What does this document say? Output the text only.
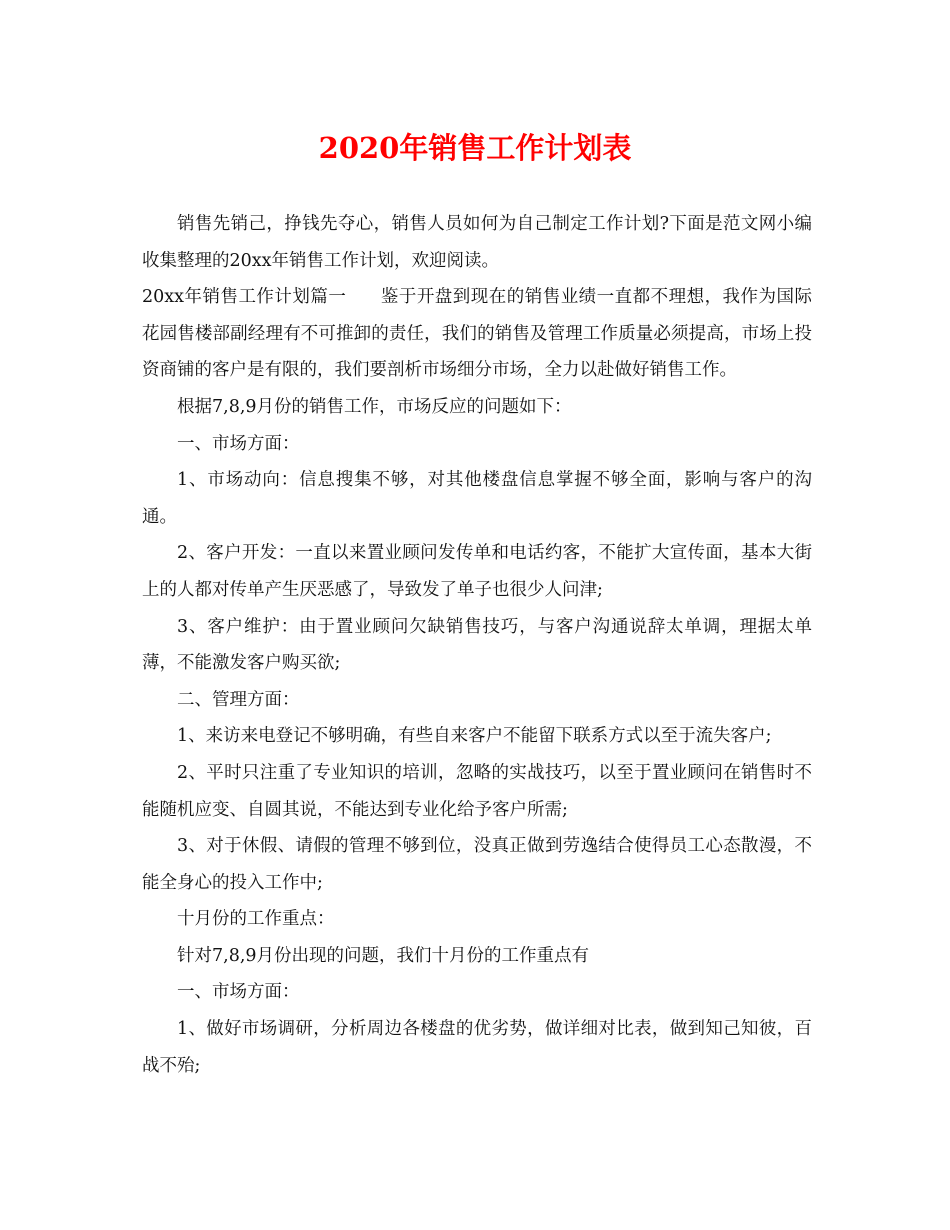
2020年销售工作计划表

销售先销己，挣钱先夺心，销售人员如何为自己制定工作计划?下面是范文网小编收集整理的20xx年销售工作计划，欢迎阅读。

20xx年销售工作计划篇一 鉴于开盘到现在的销售业绩一直都不理想，我作为国际花园售楼部副经理有不可推卸的责任，我们的销售及管理工作质量必须提高，市场上投资商铺的客户是有限的，我们要剖析市场细分市场，全力以赴做好销售工作。

根据7,8,9月份的销售工作，市场反应的问题如下：

一、市场方面：

1、市场动向：信息搜集不够，对其他楼盘信息掌握不够全面，影响与客户的沟通。

2、客户开发：一直以来置业顾问发传单和电话约客，不能扩大宣传面，基本大街上的人都对传单产生厌恶感了，导致发了单子也很少人问津;

3、客户维护：由于置业顾问欠缺销售技巧，与客户沟通说辞太单调，理据太单薄，不能激发客户购买欲;

二、管理方面：

1、来访来电登记不够明确，有些自来客户不能留下联系方式以至于流失客户;

2、平时只注重了专业知识的培训，忽略的实战技巧，以至于置业顾问在销售时不能随机应变、自圆其说，不能达到专业化给予客户所需;

3、对于休假、请假的管理不够到位，没真正做到劳逸结合使得员工心态散漫，不能全身心的投入工作中;

十月份的工作重点：

针对7,8,9月份出现的问题，我们十月份的工作重点有

一、市场方面：

1、做好市场调研，分析周边各楼盘的优劣势，做详细对比表，做到知己知彼，百战不殆;
